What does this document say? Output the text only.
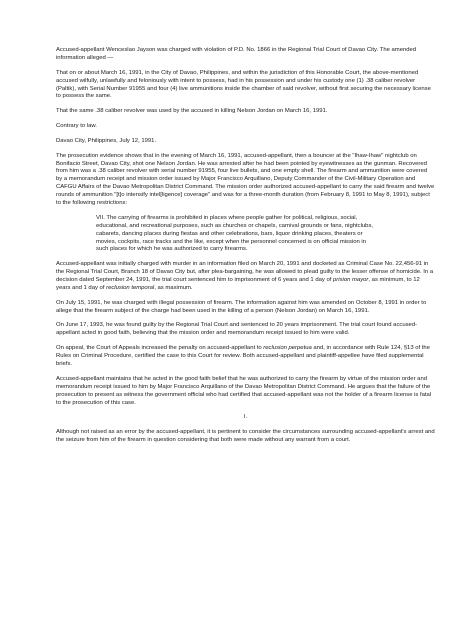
Accused-appellant Wenceslao Jayson was charged with violation of P.D. No. 1866 in the Regional Trial Court of Davao City. The amended information alleged —

That on or about March 16, 1991, in the City of Davao, Philippines, and within the jurisdiction of this Honorable Court, the above-mentioned accused wilfully, unlawfully and feloniously with intent to possess, had in his possession and under his custody one (1) .38 caliber revolver (Paltik), with Serial Number 91955 and four (4) live ammunitions inside the chamber of said revolver, without first securing the necessary license to possess the same.

That the same .38 caliber revolver was used by the accused in killing Nelson Jordan on March 16, 1991.

Contrary to law.

Davao City, Philippines, July 12, 1991.

The prosecution evidence shows that in the evening of March 16, 1991, accused-appellant, then a bouncer at the "Ihaw-Ihaw" nightclub on Bonifacio Street, Davao City, shot one Nelson Jordan. He was arrested after he had been pointed by eyewitnesses as the gunman. Recovered from him was a .38 caliber revolver with serial number 91955, four live bullets, and one empty shell. The firearm and ammunition were covered by a memorandum receipt and mission order issued by Major Francisco Arquillano, Deputy Commander of the Civil-Military Operation and CAFGU Affairs of the Davao Metropolitan District Command. The mission order authorized accused-appellant to carry the said firearm and twelve rounds of ammunition "[t]o intensify intel[ligence] coverage" and was for a three-month duration (from February 8, 1991 to May 8, 1991), subject to the following restrictions:

VII. The carrying of firearms is prohibited in places where people gather for political, religious, social, educational, and recreational purposes, such as churches or chapels, carnival grounds or fans, nightclubs, cabarets, dancing places during fiestas and other celebrations, bars, liquor drinking places, theaters or movies, cockpits, race tracks and the like, except when the personnel concerned is on official mission in such places for which he was authorized to carry firearms.

Accused-appellant was initially charged with murder in an information filed on March 20, 1991 and docketed as Criminal Case No. 22,456-91 in the Regional Trial Court, Branch 18 of Davao City but, after plea-bargaining, he was allowed to plead guilty to the lesser offense of homicide. In a decision dated September 24, 1991, the trial court sentenced him to imprisonment of 6 years and 1 day of prision mayor, as minimum, to 12 years and 1 day of reclusion temporal, as maximum.

On July 15, 1991, he was charged with illegal possession of firearm. The information against him was amended on October 8, 1991 in order to allege that the firearm subject of the charge had been used in the killing of a person (Nelson Jordan) on March 16, 1991.

On June 17, 1993, he was found guilty by the Regional Trial Court and sentenced to 20 years imprisonment. The trial court found accused-appellant acted in good faith, believing that the mission order and memorandum receipt issued to him were valid.

On appeal, the Court of Appeals increased the penalty on accused-appellant to reclusion perpetua and, in accordance with Rule 124, §13 of the Rules on Criminal Procedure, certified the case to this Court for review. Both accused-appellant and plaintiff-appellee have filed supplemental briefs.

Accused-appellant maintains that he acted in the good faith belief that he was authorized to carry the firearm by virtue of the mission order and memorandum receipt issued to him by Major Francisco Arquillano of the Davao Metropolitan District Command. He argues that the failure of the prosecution to present as witness the government official who had certified that accused-appellant was not the holder of a firearm license is fatal to the prosecution of this case.

I.

Although not raised as an error by the accused-appellant, it is pertinent to consider the circumstances surrounding accused-appellant's arrest and the seizure from him of the firearm in question considering that both were made without any warrant from a court.
